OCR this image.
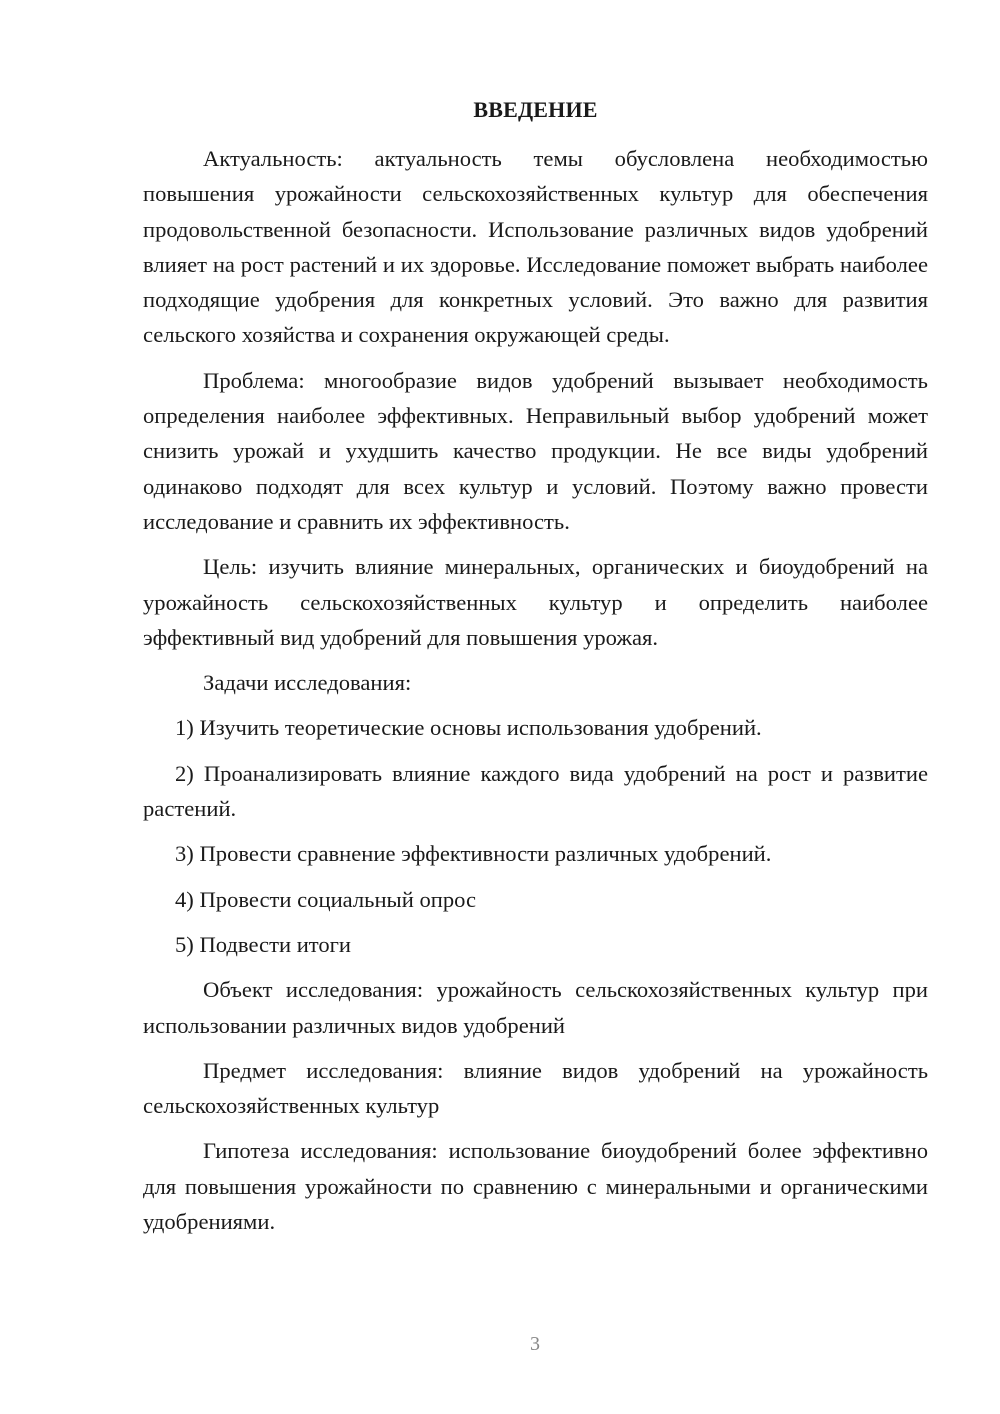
ВВЕДЕНИЕ

Актуальность: актуальность темы обусловлена необходимостью повышения урожайности сельскохозяйственных культур для обеспечения продовольственной безопасности. Использование различных видов удобрений влияет на рост растений и их здоровье. Исследование поможет выбрать наиболее подходящие удобрения для конкретных условий. Это важно для развития сельского хозяйства и сохранения окружающей среды.

Проблема: многообразие видов удобрений вызывает необходимость определения наиболее эффективных. Неправильный выбор удобрений может снизить урожай и ухудшить качество продукции. Не все виды удобрений одинаково подходят для всех культур и условий. Поэтому важно провести исследование и сравнить их эффективность.

Цель: изучить влияние минеральных, органических и биоудобрений на урожайность сельскохозяйственных культур и определить наиболее эффективный вид удобрений для повышения урожая.

Задачи исследования:

1) Изучить теоретические основы использования удобрений.

2) Проанализировать влияние каждого вида удобрений на рост и развитие растений.

3) Провести сравнение эффективности различных удобрений.

4) Провести социальный опрос

5) Подвести итоги

Объект исследования: урожайность сельскохозяйственных культур при использовании различных видов удобрений

Предмет исследования: влияние видов удобрений на урожайность сельскохозяйственных культур

Гипотеза исследования: использование биоудобрений более эффективно для повышения урожайности по сравнению с минеральными и органическими удобрениями.

3
